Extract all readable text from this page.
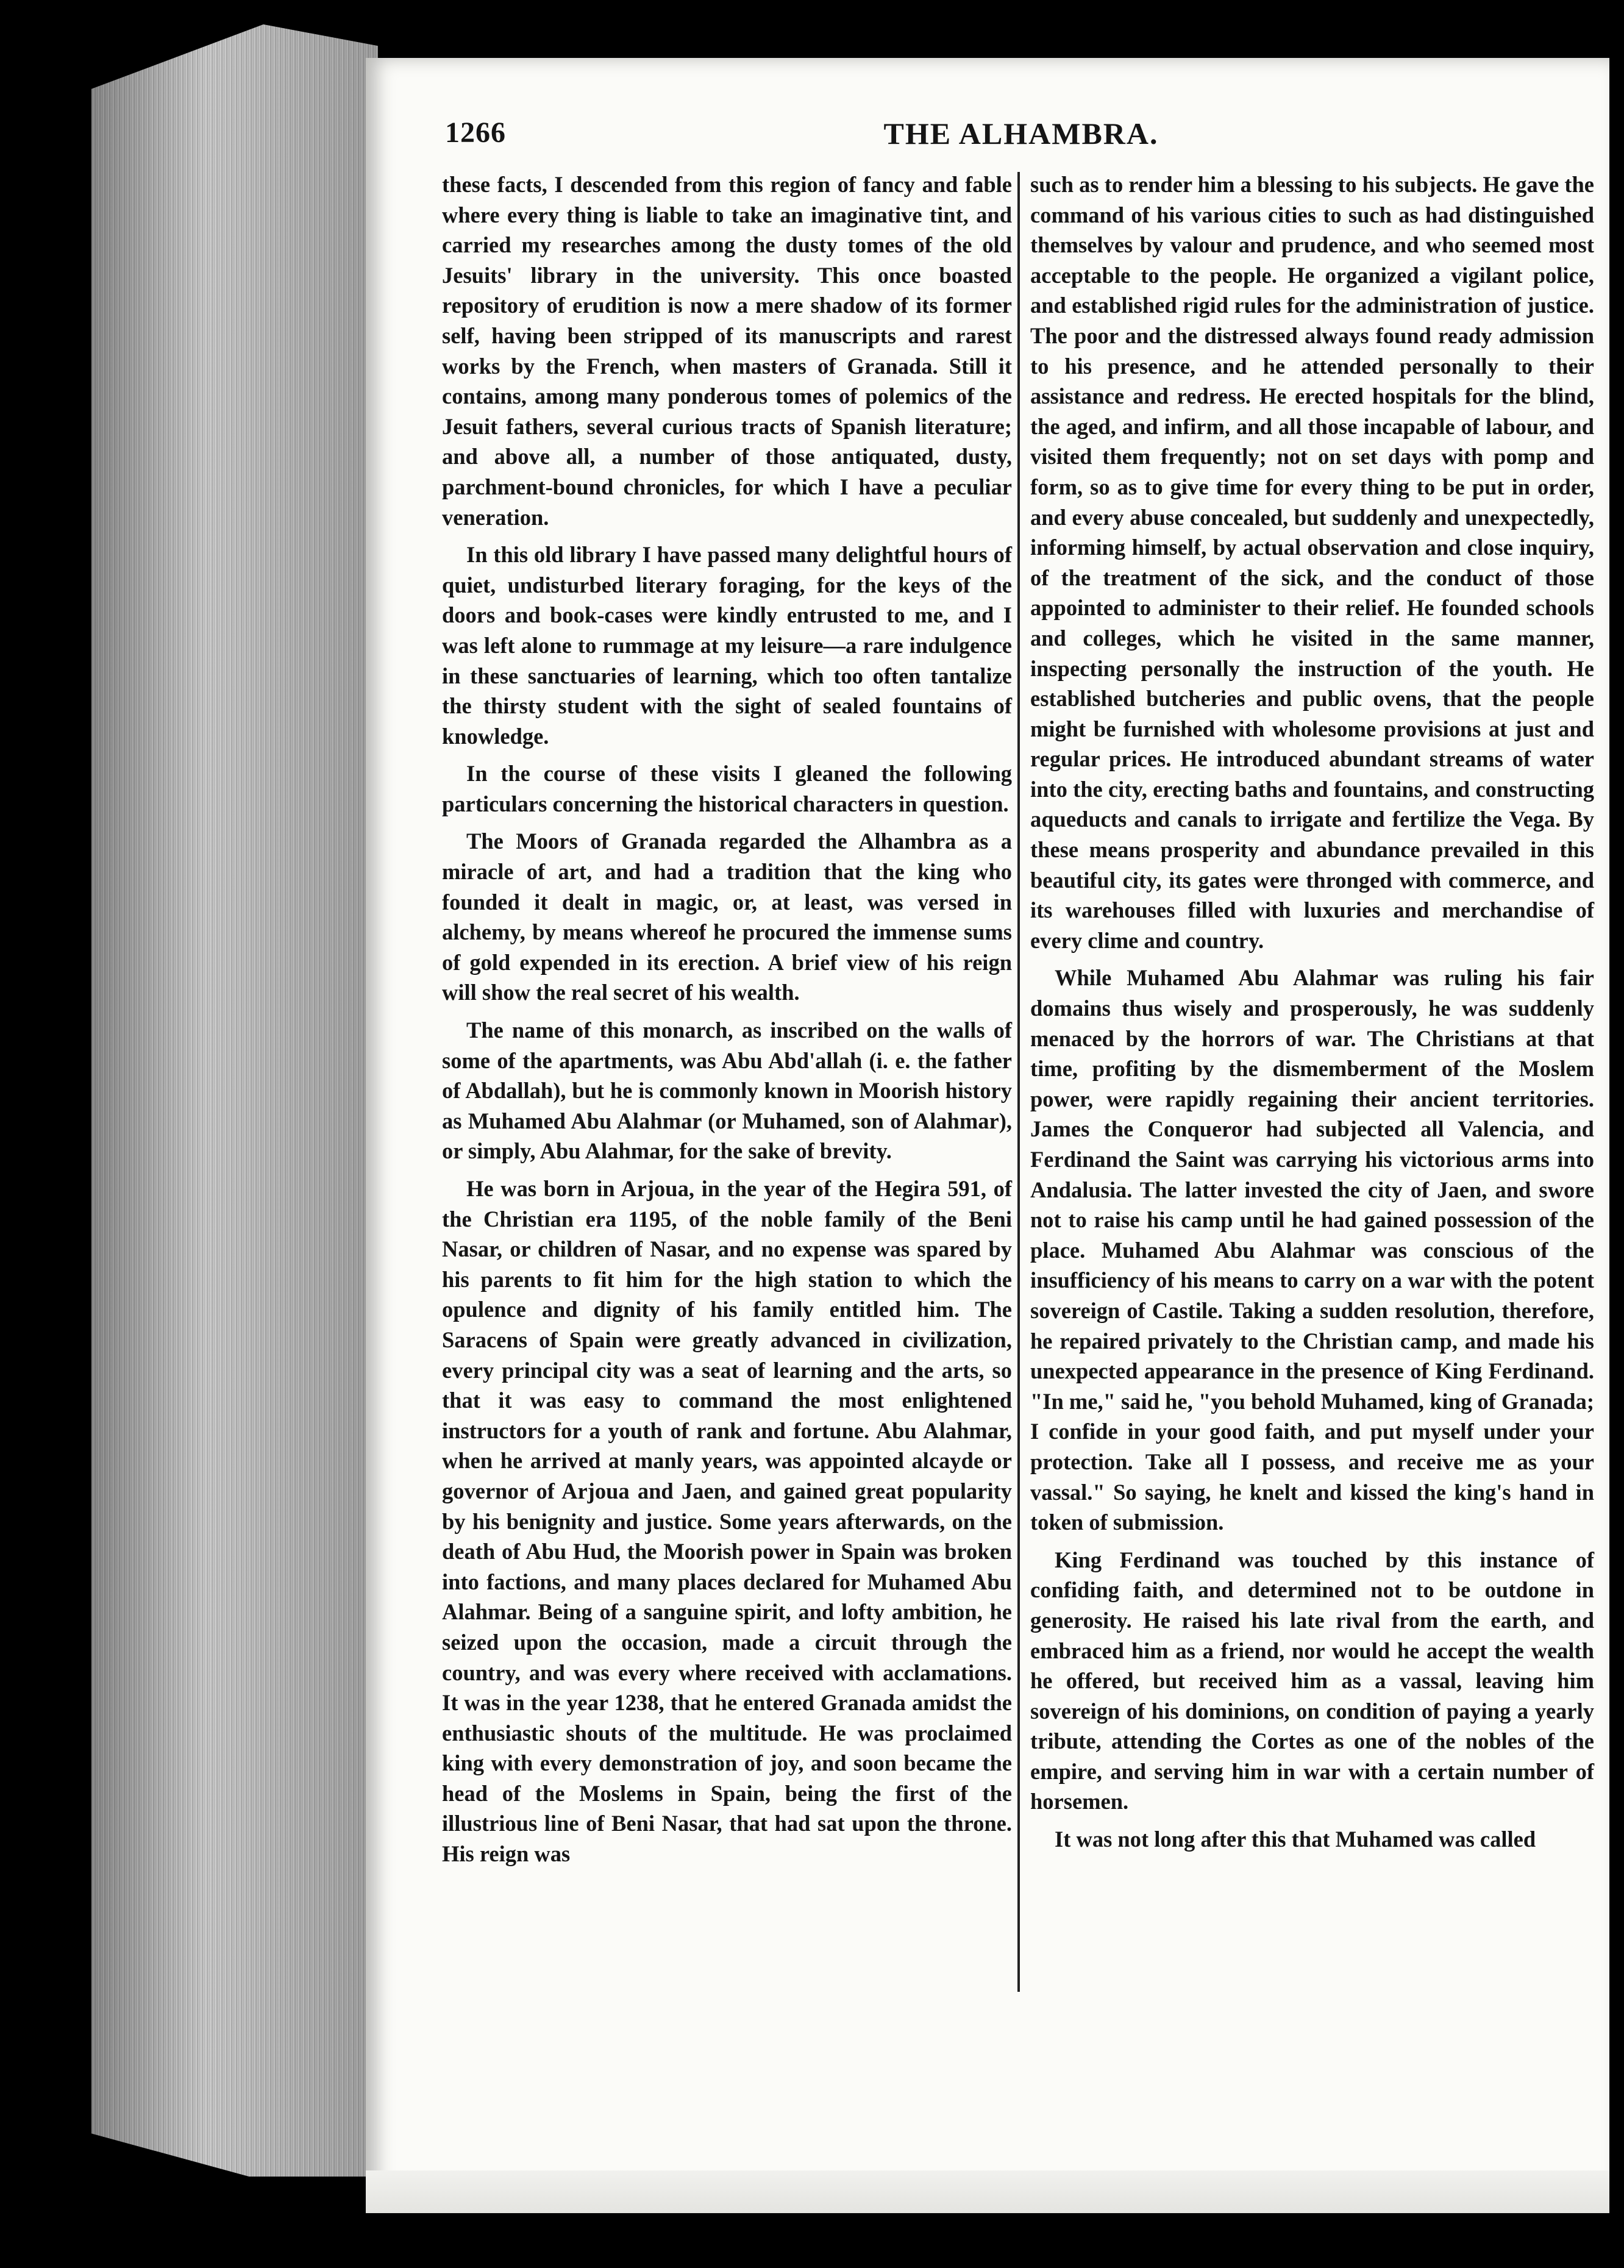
1266	THE ALHAMBRA.

these facts, I descended from this region of fancy and fable where every thing is liable to take an imaginative tint, and carried my researches among the dusty tomes of the old Jesuits' library in the university. This once boasted repository of erudition is now a mere shadow of its former self, having been stripped of its manuscripts and rarest works by the French, when masters of Granada. Still it contains, among many ponderous tomes of polemics of the Jesuit fathers, several curious tracts of Spanish literature; and above all, a number of those antiquated, dusty, parchment-bound chronicles, for which I have a peculiar veneration.

In this old library I have passed many delightful hours of quiet, undisturbed literary foraging, for the keys of the doors and book-cases were kindly entrusted to me, and I was left alone to rummage at my leisure—a rare indulgence in these sanctuaries of learning, which too often tantalize the thirsty student with the sight of sealed fountains of knowledge.

In the course of these visits I gleaned the following particulars concerning the historical characters in question.

The Moors of Granada regarded the Alhambra as a miracle of art, and had a tradition that the king who founded it dealt in magic, or, at least, was versed in alchemy, by means whereof he procured the immense sums of gold expended in its erection. A brief view of his reign will show the real secret of his wealth.

The name of this monarch, as inscribed on the walls of some of the apartments, was Abu Abd'allah (i. e. the father of Abdallah), but he is commonly known in Moorish history as Muhamed Abu Alahmar (or Muhamed, son of Alahmar), or simply, Abu Alahmar, for the sake of brevity.

He was born in Arjoua, in the year of the Hegira 591, of the Christian era 1195, of the noble family of the Beni Nasar, or children of Nasar, and no expense was spared by his parents to fit him for the high station to which the opulence and dignity of his family entitled him. The Saracens of Spain were greatly advanced in civilization, every principal city was a seat of learning and the arts, so that it was easy to command the most enlightened instructors for a youth of rank and fortune. Abu Alahmar, when he arrived at manly years, was appointed alcayde or governor of Arjoua and Jaen, and gained great popularity by his benignity and justice. Some years afterwards, on the death of Abu Hud, the Moorish power in Spain was broken into factions, and many places declared for Muhamed Abu Alahmar. Being of a sanguine spirit, and lofty ambition, he seized upon the occasion, made a circuit through the country, and was every where received with acclamations. It was in the year 1238, that he entered Granada amidst the enthusiastic shouts of the multitude. He was proclaimed king with every demonstration of joy, and soon became the head of the Moslems in Spain, being the first of the illustrious line of Beni Nasar, that had sat upon the throne. His reign was

such as to render him a blessing to his subjects. He gave the command of his various cities to such as had distinguished themselves by valour and prudence, and who seemed most acceptable to the people. He organized a vigilant police, and established rigid rules for the administration of justice. The poor and the distressed always found ready admission to his presence, and he attended personally to their assistance and redress. He erected hospitals for the blind, the aged, and infirm, and all those incapable of labour, and visited them frequently; not on set days with pomp and form, so as to give time for every thing to be put in order, and every abuse concealed, but suddenly and unexpectedly, informing himself, by actual observation and close inquiry, of the treatment of the sick, and the conduct of those appointed to administer to their relief. He founded schools and colleges, which he visited in the same manner, inspecting personally the instruction of the youth. He established butcheries and public ovens, that the people might be furnished with wholesome provisions at just and regular prices. He introduced abundant streams of water into the city, erecting baths and fountains, and constructing aqueducts and canals to irrigate and fertilize the Vega. By these means prosperity and abundance prevailed in this beautiful city, its gates were thronged with commerce, and its warehouses filled with luxuries and merchandise of every clime and country.

While Muhamed Abu Alahmar was ruling his fair domains thus wisely and prosperously, he was suddenly menaced by the horrors of war. The Christians at that time, profiting by the dismemberment of the Moslem power, were rapidly regaining their ancient territories. James the Conqueror had subjected all Valencia, and Ferdinand the Saint was carrying his victorious arms into Andalusia. The latter invested the city of Jaen, and swore not to raise his camp until he had gained possession of the place. Muhamed Abu Alahmar was conscious of the insufficiency of his means to carry on a war with the potent sovereign of Castile. Taking a sudden resolution, therefore, he repaired privately to the Christian camp, and made his unexpected appearance in the presence of King Ferdinand. "In me," said he, "you behold Muhamed, king of Granada; I confide in your good faith, and put myself under your protection. Take all I possess, and receive me as your vassal." So saying, he knelt and kissed the king's hand in token of submission.

King Ferdinand was touched by this instance of confiding faith, and determined not to be outdone in generosity. He raised his late rival from the earth, and embraced him as a friend, nor would he accept the wealth he offered, but received him as a vassal, leaving him sovereign of his dominions, on condition of paying a yearly tribute, attending the Cortes as one of the nobles of the empire, and serving him in war with a certain number of horsemen.

It was not long after this that Muhamed was called
